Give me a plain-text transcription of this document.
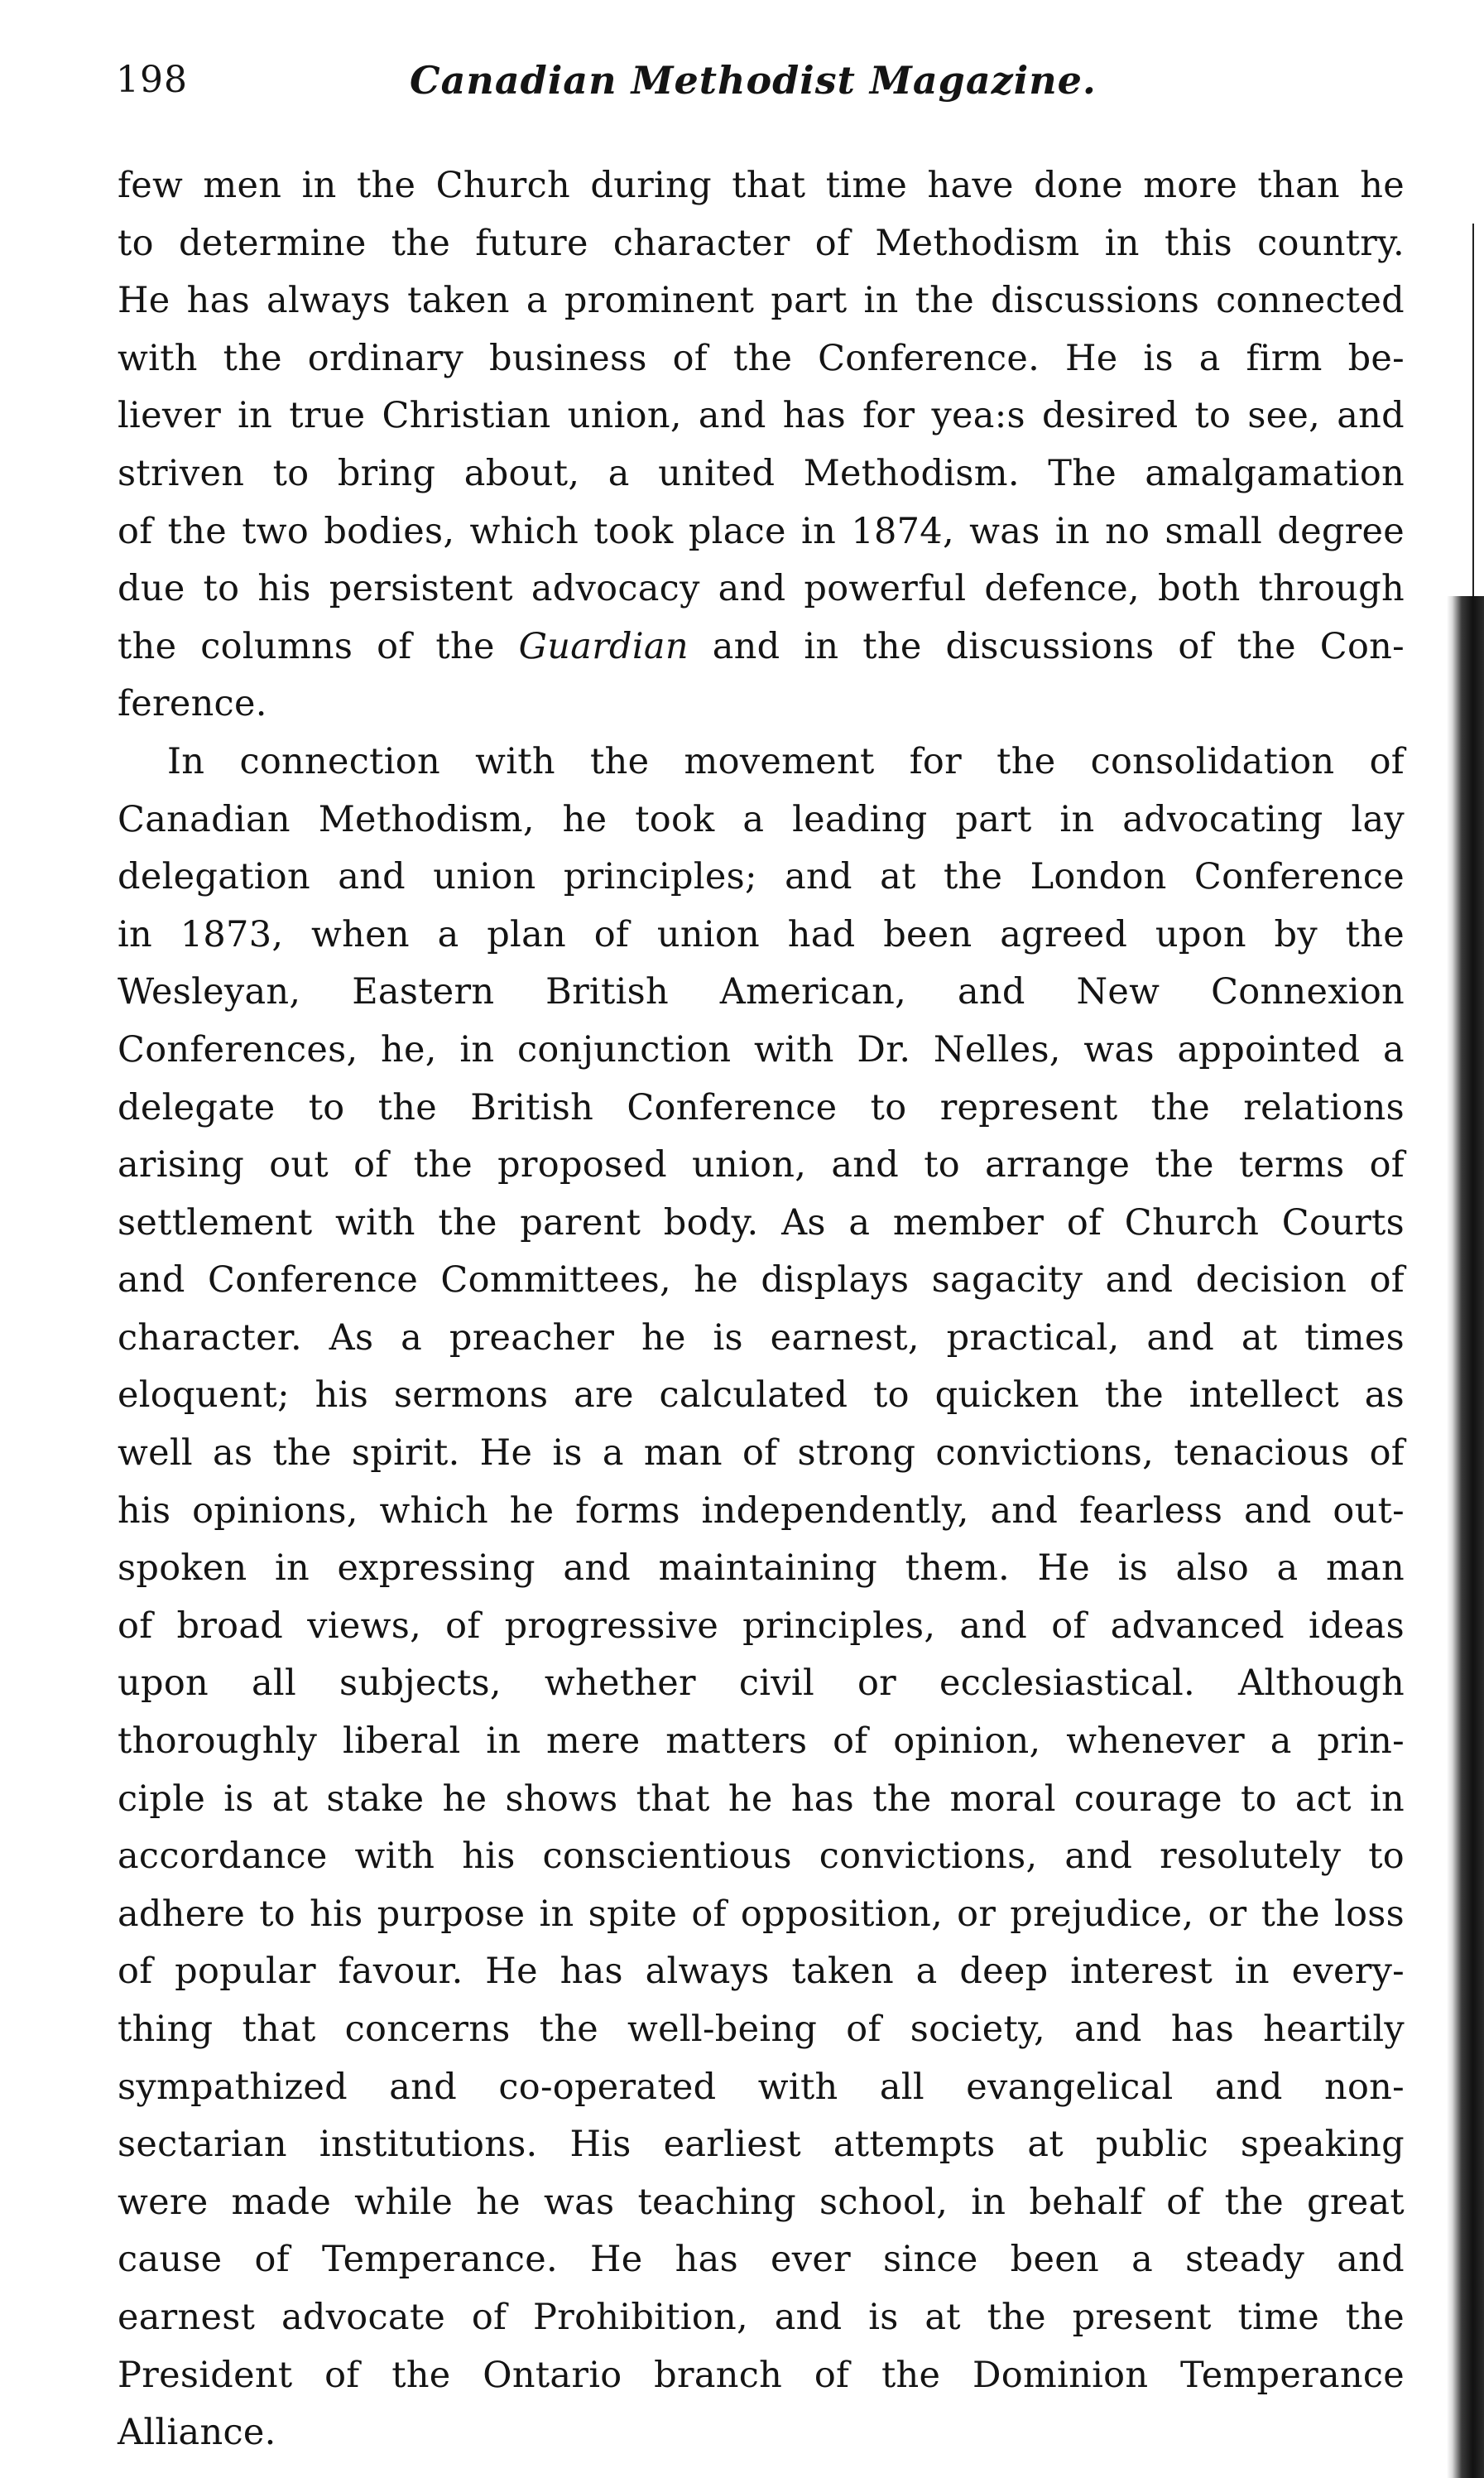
198	Canadian Methodist Magazine.
few men in the Church during that time have done more than he
to determine the future character of Methodism in this country.
He has always taken a prominent part in the discussions connected
with the ordinary business of the Conference. He is a firm be-
liever in true Christian union, and has for yea:s desired to see, and
striven to bring about, a united Methodism. The amalgamation
of the two bodies, which took place in 1874, was in no small degree
due to his persistent advocacy and powerful defence, both through
the columns of the Guardian and in the discussions of the Con-
ference.
In connection with the movement for the consolidation of
Canadian Methodism, he took a leading part in advocating lay
delegation and union principles; and at the London Conference
in 1873, when a plan of union had been agreed upon by the
Wesleyan, Eastern British American, and New Connexion
Conferences, he, in conjunction with Dr. Nelles, was appointed a
delegate to the British Conference to represent the relations
arising out of the proposed union, and to arrange the terms of
settlement with the parent body. As a member of Church Courts
and Conference Committees, he displays sagacity and decision of
character. As a preacher he is earnest, practical, and at times
eloquent; his sermons are calculated to quicken the intellect as
well as the spirit. He is a man of strong convictions, tenacious of
his opinions, which he forms independently, and fearless and out-
spoken in expressing and maintaining them. He is also a man
of broad views, of progressive principles, and of advanced ideas
upon all subjects, whether civil or ecclesiastical. Although
thoroughly liberal in mere matters of opinion, whenever a prin-
ciple is at stake he shows that he has the moral courage to act in
accordance with his conscientious convictions, and resolutely to
adhere to his purpose in spite of opposition, or prejudice, or the loss
of popular favour. He has always taken a deep interest in every-
thing that concerns the well-being of society, and has heartily
sympathized and co-operated with all evangelical and non-
sectarian institutions. His earliest attempts at public speaking
were made while he was teaching school, in behalf of the great
cause of Temperance. He has ever since been a steady and
earnest advocate of Prohibition, and is at the present time the
President of the Ontario branch of the Dominion Temperance
Alliance.
